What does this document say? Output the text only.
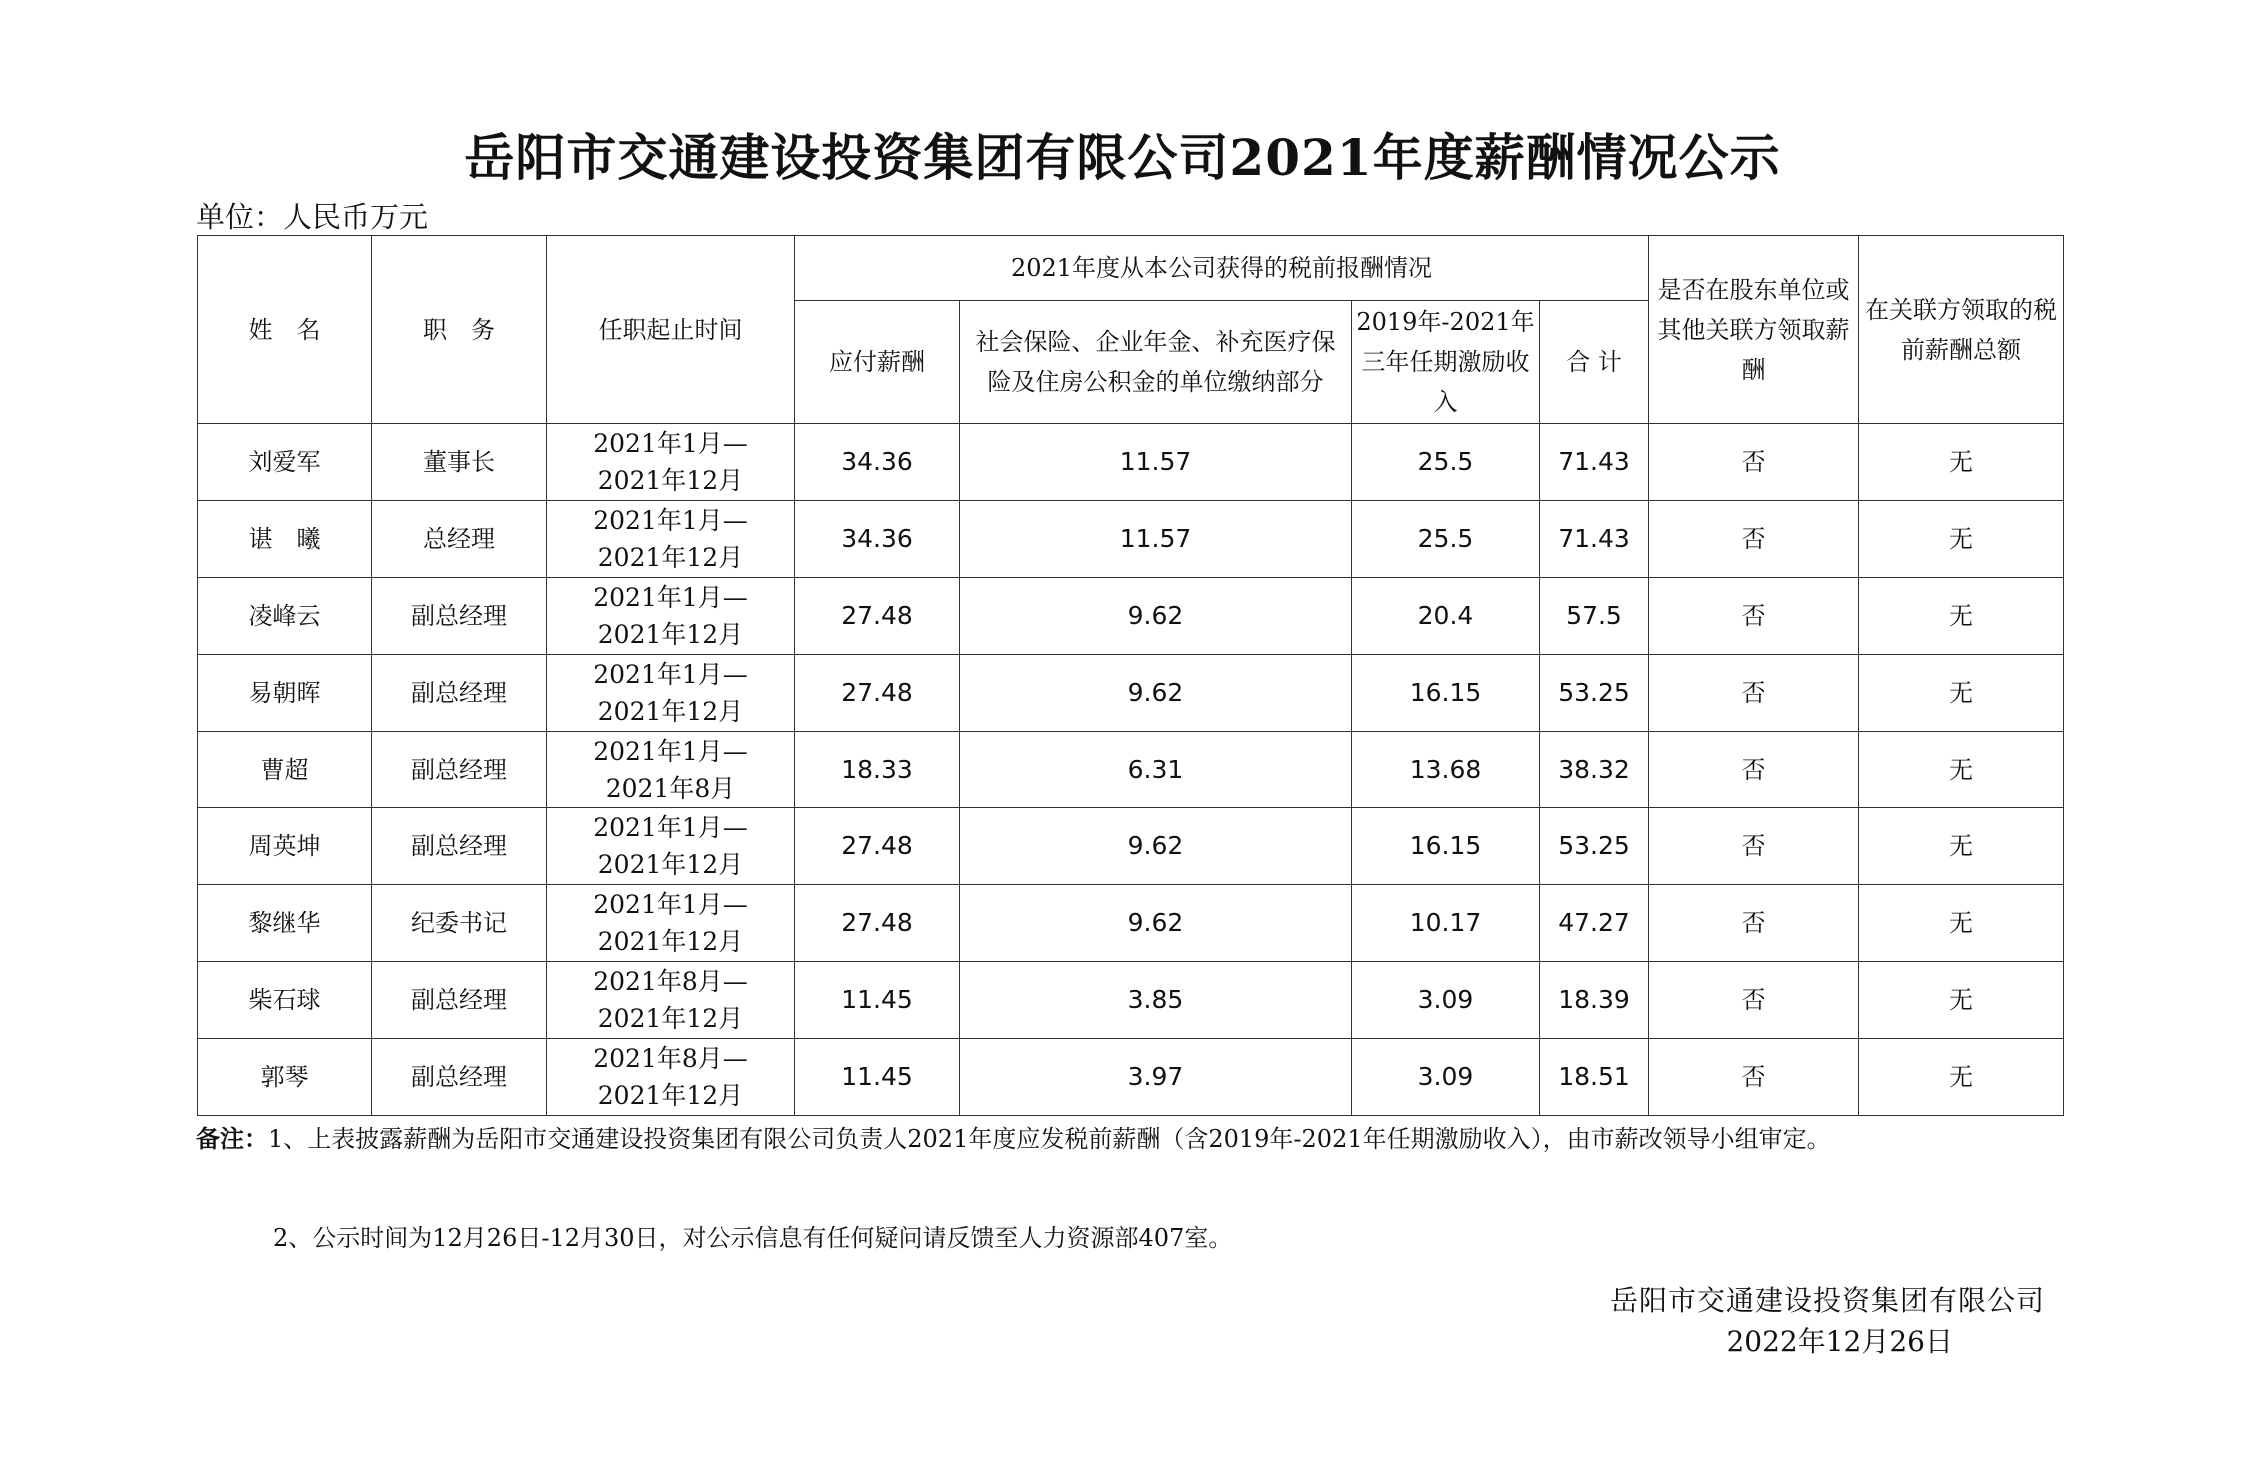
岳阳市交通建设投资集团有限公司2021年度薪酬情况公示
单位：人民币万元
姓　名	职　务	任职起止时间	2021年度从本公司获得的税前报酬情况				是否在股东单位或其他关联方领取薪酬	在关联方领取的税前薪酬总额
			应付薪酬	社会保险、企业年金、补充医疗保险及住房公积金的单位缴纳部分	2019年-2021年三年任期激励收入	合 计		
刘爱军	董事长	2021年1月—
2021年12月	34.36	11.57	25.5	71.43	否	无
谌　曦	总经理	2021年1月—
2021年12月	34.36	11.57	25.5	71.43	否	无
凌峰云	副总经理	2021年1月—
2021年12月	27.48	9.62	20.4	57.5	否	无
易朝晖	副总经理	2021年1月—
2021年12月	27.48	9.62	16.15	53.25	否	无
曹超	副总经理	2021年1月—
2021年8月	18.33	6.31	13.68	38.32	否	无
周英坤	副总经理	2021年1月—
2021年12月	27.48	9.62	16.15	53.25	否	无
黎继华	纪委书记	2021年1月—
2021年12月	27.48	9.62	10.17	47.27	否	无
柴石球	副总经理	2021年8月—
2021年12月	11.45	3.85	3.09	18.39	否	无
郭琴	副总经理	2021年8月—
2021年12月	11.45	3.97	3.09	18.51	否	无
备注：1、上表披露薪酬为岳阳市交通建设投资集团有限公司负责人2021年度应发税前薪酬（含2019年-2021年任期激励收入），由市薪改领导小组审定。
2、公示时间为12月26日-12月30日，对公示信息有任何疑问请反馈至人力资源部407室。
岳阳市交通建设投资集团有限公司
2022年12月26日
